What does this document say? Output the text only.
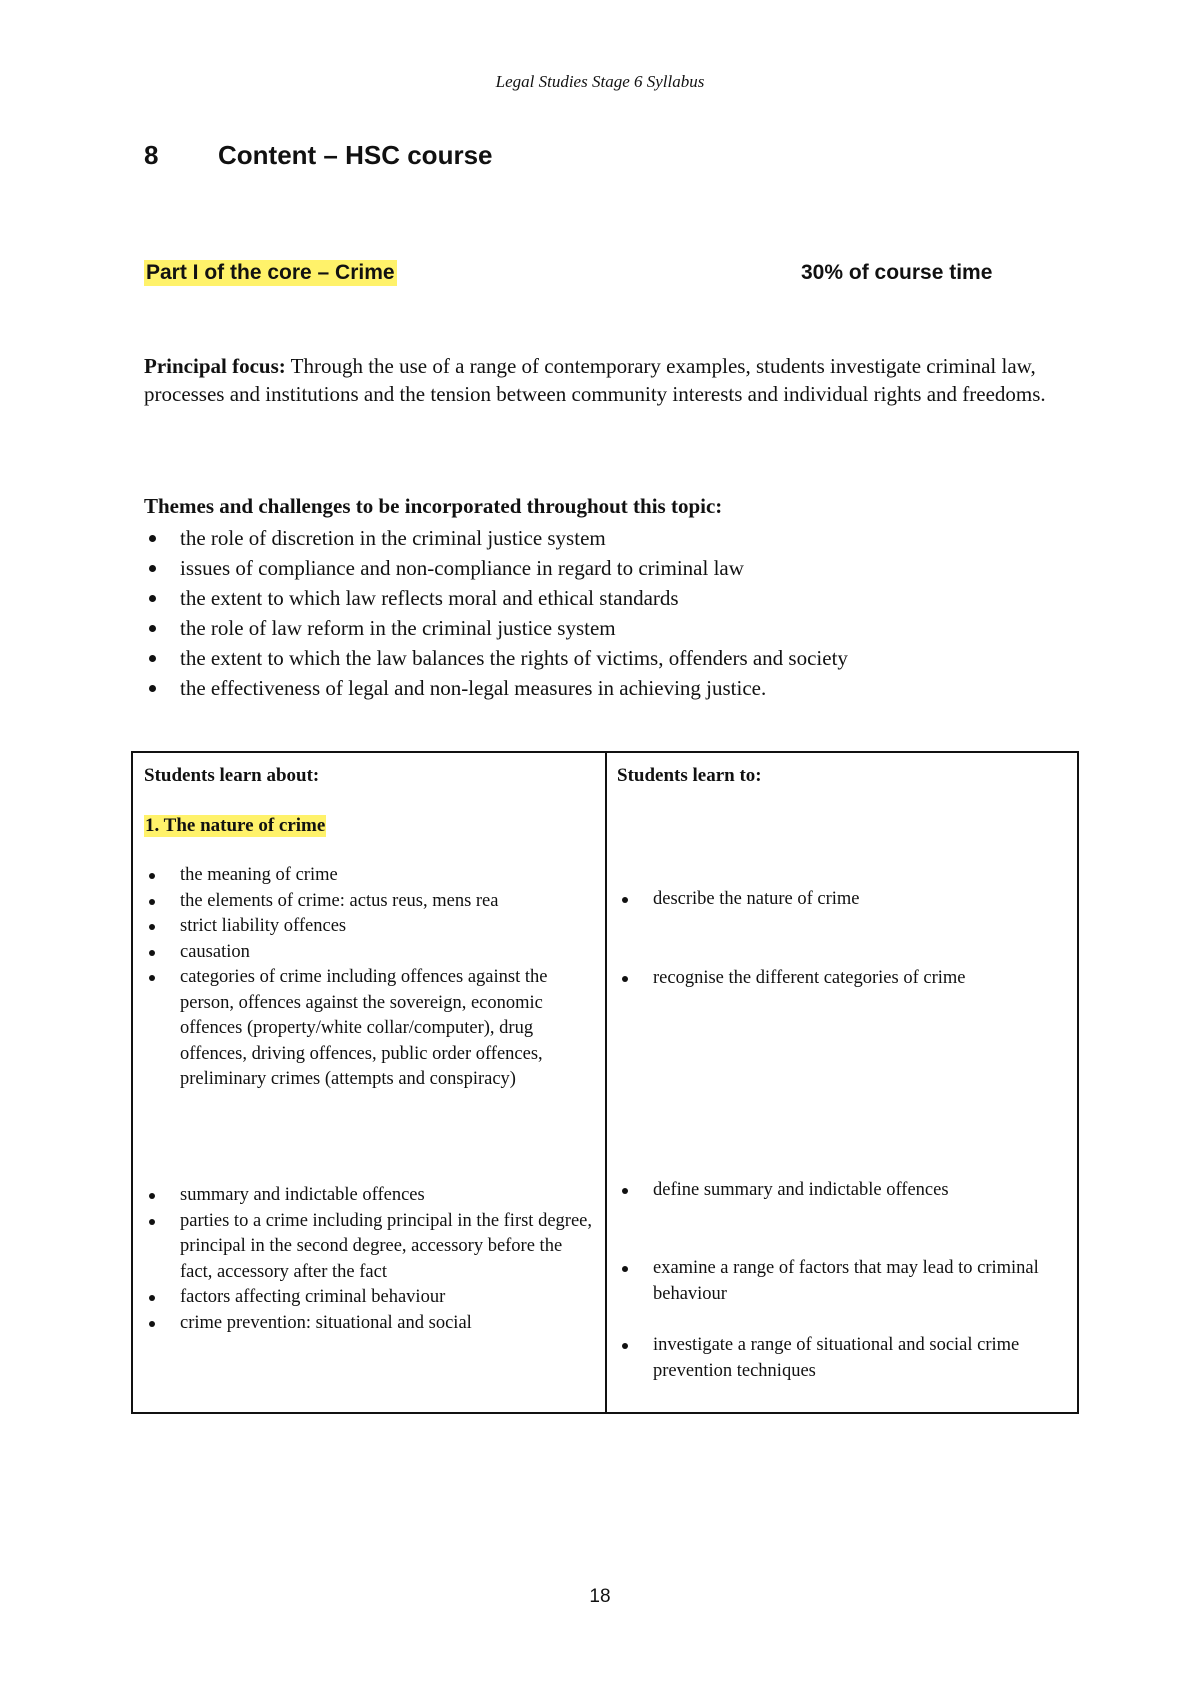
Legal Studies Stage 6 Syllabus
8 Content – HSC course
Part I of the core – Crime	30% of course time

Principal focus: Through the use of a range of contemporary examples, students investigate criminal law, processes and institutions and the tension between community interests and individual rights and freedoms.

Themes and challenges to be incorporated throughout this topic:

the role of discretion in the criminal justice system
issues of compliance and non-compliance in regard to criminal law
the extent to which law reflects moral and ethical standards
the role of law reform in the criminal justice system
the extent to which the law balances the rights of victims, offenders and society
the effectiveness of legal and non-legal measures in achieving justice.

Students learn about:

1. The nature of crime

the meaning of crime
the elements of crime: actus reus, mens rea
strict liability offences
causation
categories of crime including offences against the person, offences against the sovereign, economic offences (property/white collar/computer), drug offences, driving offences, public order offences, preliminary crimes (attempts and conspiracy)
summary and indictable offences
parties to a crime including principal in the first degree, principal in the second degree, accessory before the fact, accessory after the fact
factors affecting criminal behaviour
crime prevention: situational and social

Students learn to:

describe the nature of crime
recognise the different categories of crime
define summary and indictable offences
examine a range of factors that may lead to criminal behaviour
investigate a range of situational and social crime prevention techniques
18
